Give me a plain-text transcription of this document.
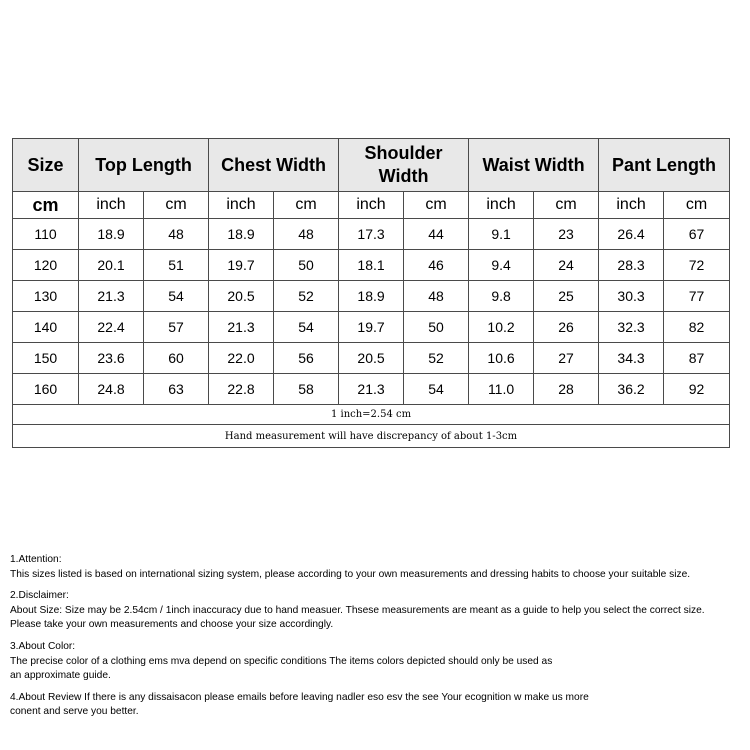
Size	Top Length		Chest Width		Shoulder
Width		Waist Width		Pant Length	
cm	inch	cm	inch	cm	inch	cm	inch	cm	inch	cm
110	18.9	48	18.9	48	17.3	44	9.1	23	26.4	67
120	20.1	51	19.7	50	18.1	46	9.4	24	28.3	72
130	21.3	54	20.5	52	18.9	48	9.8	25	30.3	77
140	22.4	57	21.3	54	19.7	50	10.2	26	32.3	82
150	23.6	60	22.0	56	20.5	52	10.6	27	34.3	87
160	24.8	63	22.8	58	21.3	54	11.0	28	36.2	92
1 inch=2.54 cm										
Hand measurement will have discrepancy of about 1-3cm										
1.Attention:
This sizes listed is based on international sizing system, please according to your own measurements and dressing habits to choose your suitable size.
2.Disclaimer:
About Size: Size may be 2.54cm / 1inch inaccuracy due to hand measuer. Thsese measurements are meant as a guide to help you select the correct size.
Please take your own measurements and choose your size accordingly.
3.About Color:
The precise color of a clothing ems mva depend on specific conditions The items colors depicted should only be used as
an approximate guide.
4.About Review If there is any dissaisacon please emails before leaving nadler eso esv the see Your ecognition w make us more
conent and serve you better.
